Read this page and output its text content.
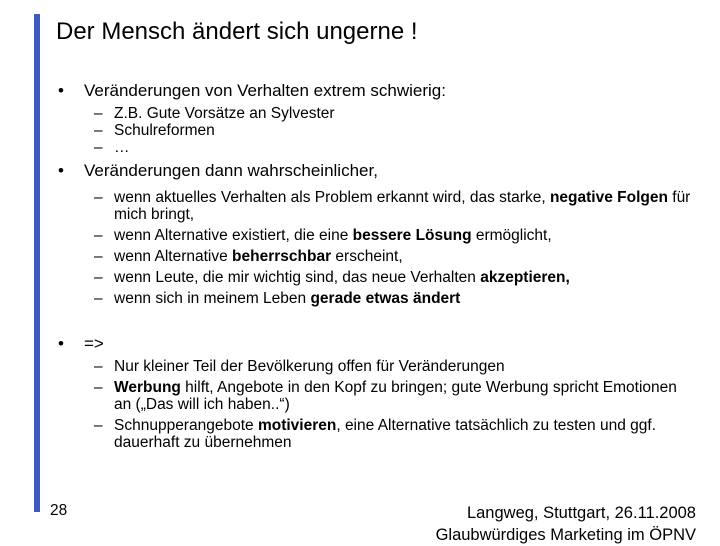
Der Mensch ändert sich ungerne !
• Veränderungen von Verhalten extrem schwierig:
– Z.B. Gute Vorsätze an Sylvester
– Schulreformen
– …
• Veränderungen dann wahrscheinlicher,
– wenn aktuelles Verhalten als Problem erkannt wird, das starke, negative Folgen für mich bringt,
– wenn Alternative existiert, die eine bessere Lösung ermöglicht,
– wenn Alternative beherrschbar erscheint,
– wenn Leute, die mir wichtig sind, das neue Verhalten akzeptieren,
– wenn sich in meinem Leben gerade etwas ändert
• =>
– Nur kleiner Teil der Bevölkerung offen für Veränderungen
– Werbung hilft, Angebote in den Kopf zu bringen; gute Werbung spricht Emotionen an („Das will ich haben..“)
– Schnupperangebote motivieren, eine Alternative tatsächlich zu testen und ggf. dauerhaft zu übernehmen
28	Langweg, Stuttgart, 26.11.2008
Glaubwürdiges Marketing im ÖPNV
